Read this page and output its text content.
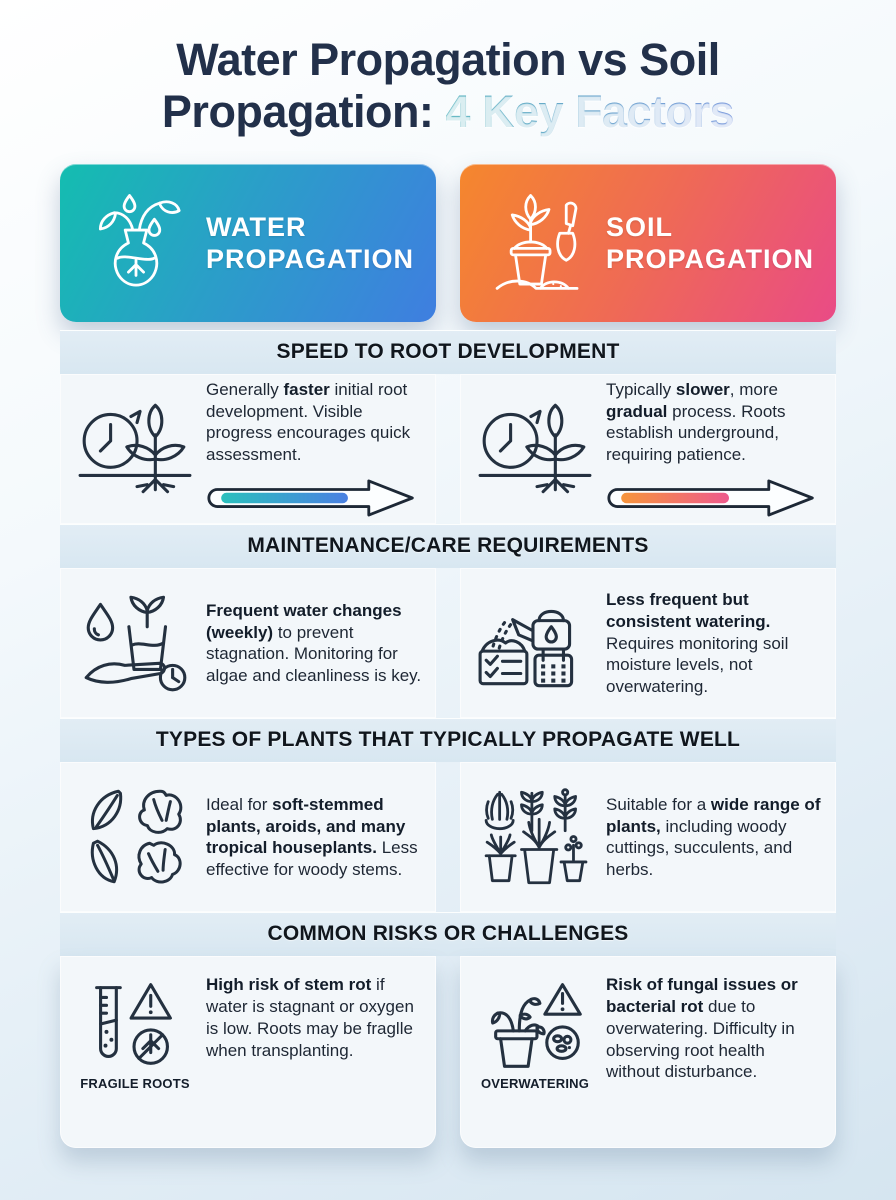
Water Propagation vs Soil
Propagation: 4 Key Factors
WATER PROPAGATION
SOIL PROPAGATION
SPEED TO ROOT DEVELOPMENT

Generally faster initial root development. Visible progress encourages quick assessment.

Typically slower, more gradual process. Roots establish underground, requiring patience.

MAINTENANCE/CARE REQUIREMENTS

Frequent water changes (weekly) to prevent stagnation. Monitoring for algae and cleanliness is key.

Less frequent but consistent watering. Requires monitoring soil moisture levels, not overwatering.

TYPES OF PLANTS THAT TYPICALLY PROPAGATE WELL

Ideal for soft-stemmed plants, aroids, and many tropical houseplants. Less effective for woody stems.

Suitable for a wide range of plants, including woody cuttings, succulents, and herbs.

COMMON RISKS OR CHALLENGES
FRAGILE ROOTS

High risk of stem rot if water is stagnant or oxygen is low. Roots may be fraglle when transplanting.

OVERWATERING

Risk of fungal issues or bacterial rot due to overwatering. Difficulty in observing root health without disturbance.
